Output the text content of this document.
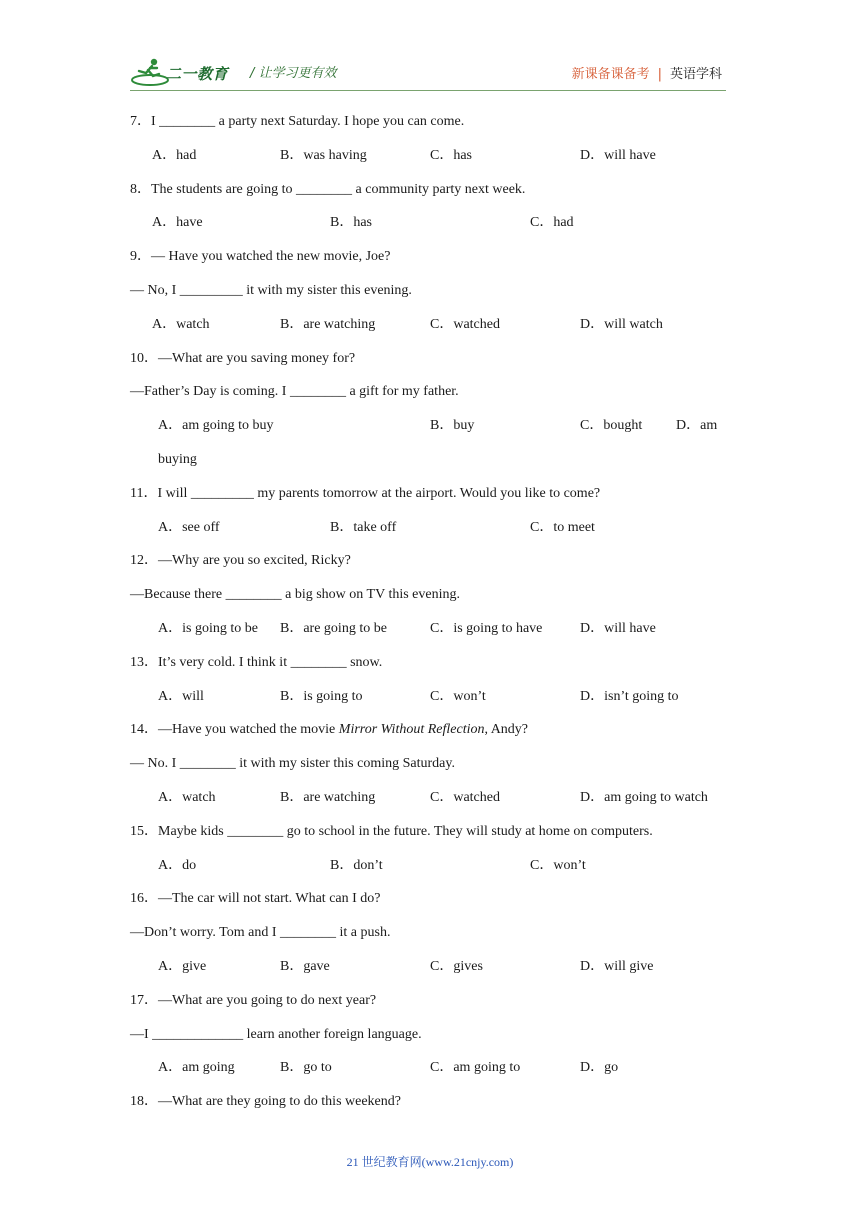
二一教育 / 让学习更有效	新课备课备考 | 英语学科
7．I ________ a party next Saturday. I hope you can come.
A．had	B．was having	C．has	D．will have
8．The students are going to ________ a community party next week.
A．have	B．has	C．had
9．— Have you watched the new movie, Joe?
— No, I _________ it with my sister this evening.
A．watch	B．are watching	C．watched	D．will watch
10．—What are you saving money for?
—Father’s Day is coming. I ________ a gift for my father.
A．am going to buy	B．buy	C．bought D．am
buying
11．I will _________ my parents tomorrow at the airport. Would you like to come?
A．see off	B．take off	C．to meet
12．—Why are you so excited, Ricky?
—Because there ________ a big show on TV this evening.
A．is going to be B．are going to be	C．is going to have	D．will have
13．It’s very cold. I think it ________ snow.
A．will	B．is going to	C．won’t	D．isn’t going to
14．—Have you watched the movie Mirror Without Reflection, Andy?
— No. I ________ it with my sister this coming Saturday.
A．watch	B．are watching	C．watched	D．am going to watch
15．Maybe kids ________ go to school in the future. They will study at home on computers.
A．do	B．don’t	C．won’t
16．—The car will not start. What can I do?
—Don’t worry. Tom and I ________ it a push.
A．give	B．gave	C．gives	D．will give
17．—What are you going to do next year?
—I _____________ learn another foreign language.
A．am going	B．go to	C．am going to	D．go
18．—What are they going to do this weekend?
21 世纪教育网(www.21cnjy.com)
